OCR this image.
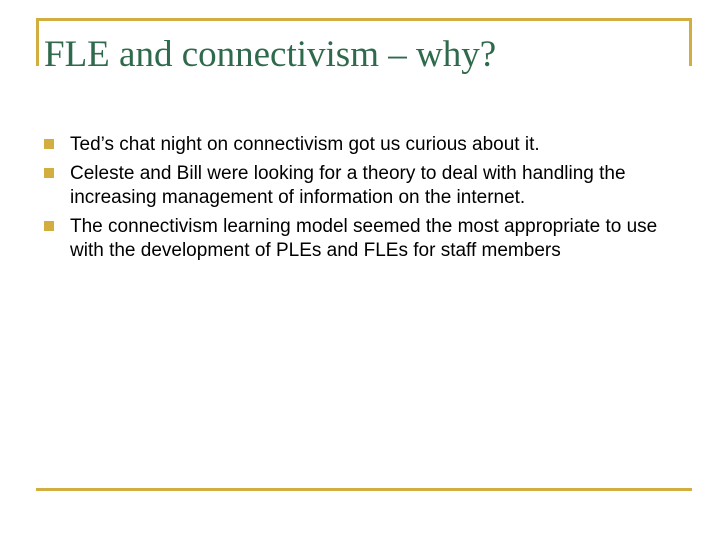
FLE and connectivism – why?
Ted’s chat night on connectivism got us curious about it.
Celeste and Bill were looking for a theory to deal with handling the increasing management of information on the internet.
The connectivism learning model seemed the most appropriate to use with the development of PLEs and FLEs for staff members
